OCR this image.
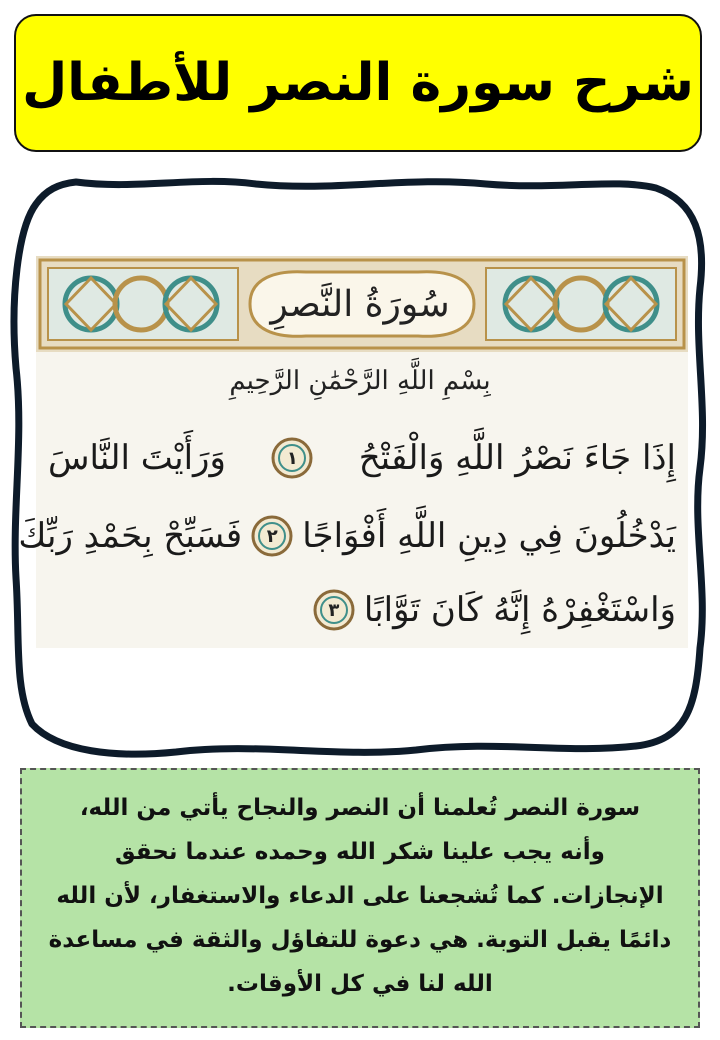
شرح سورة النصر للأطفال
سُورَةُ النَّصرِ
بِسْمِ اللَّهِ الرَّحْمَٰنِ الرَّحِيمِ
إِذَا جَاءَ نَصْرُ اللَّهِ وَالْفَتْحُ
١
وَرَأَيْتَ النَّاسَ
يَدْخُلُونَ فِي دِينِ اللَّهِ أَفْوَاجًا
٢
فَسَبِّحْ بِحَمْدِ رَبِّكَ
وَاسْتَغْفِرْهُ إِنَّهُ كَانَ تَوَّابًا
٣
سورة النصر تُعلمنا أن النصر والنجاح يأتي من الله،
وأنه يجب علينا شكر الله وحمده عندما نحقق
الإنجازات. كما تُشجعنا على الدعاء والاستغفار، لأن الله
دائمًا يقبل التوبة. هي دعوة للتفاؤل والثقة في مساعدة
الله لنا في كل الأوقات.
